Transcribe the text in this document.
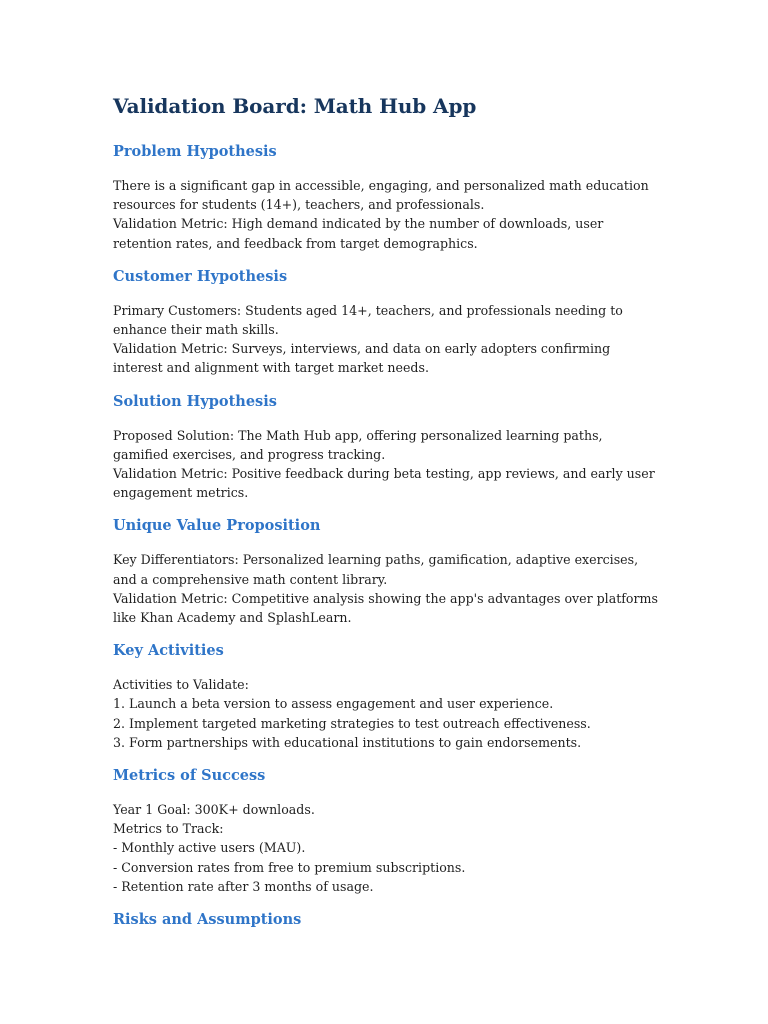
Validation Board: Math Hub App
Problem Hypothesis

There is a significant gap in accessible, engaging, and personalized math education resources for students (14+), teachers, and professionals.
Validation Metric: High demand indicated by the number of downloads, user retention rates, and feedback from target demographics.

Customer Hypothesis

Primary Customers: Students aged 14+, teachers, and professionals needing to enhance their math skills.
Validation Metric: Surveys, interviews, and data on early adopters confirming interest and alignment with target market needs.

Solution Hypothesis

Proposed Solution: The Math Hub app, offering personalized learning paths, gamified exercises, and progress tracking.
Validation Metric: Positive feedback during beta testing, app reviews, and early user engagement metrics.

Unique Value Proposition

Key Differentiators: Personalized learning paths, gamification, adaptive exercises, and a comprehensive math content library.
Validation Metric: Competitive analysis showing the app's advantages over platforms like Khan Academy and SplashLearn.

Key Activities

Activities to Validate:
1. Launch a beta version to assess engagement and user experience.
2. Implement targeted marketing strategies to test outreach effectiveness.
3. Form partnerships with educational institutions to gain endorsements.

Metrics of Success

Year 1 Goal: 300K+ downloads.
Metrics to Track:
- Monthly active users (MAU).
- Conversion rates from free to premium subscriptions.
- Retention rate after 3 months of usage.

Risks and Assumptions
